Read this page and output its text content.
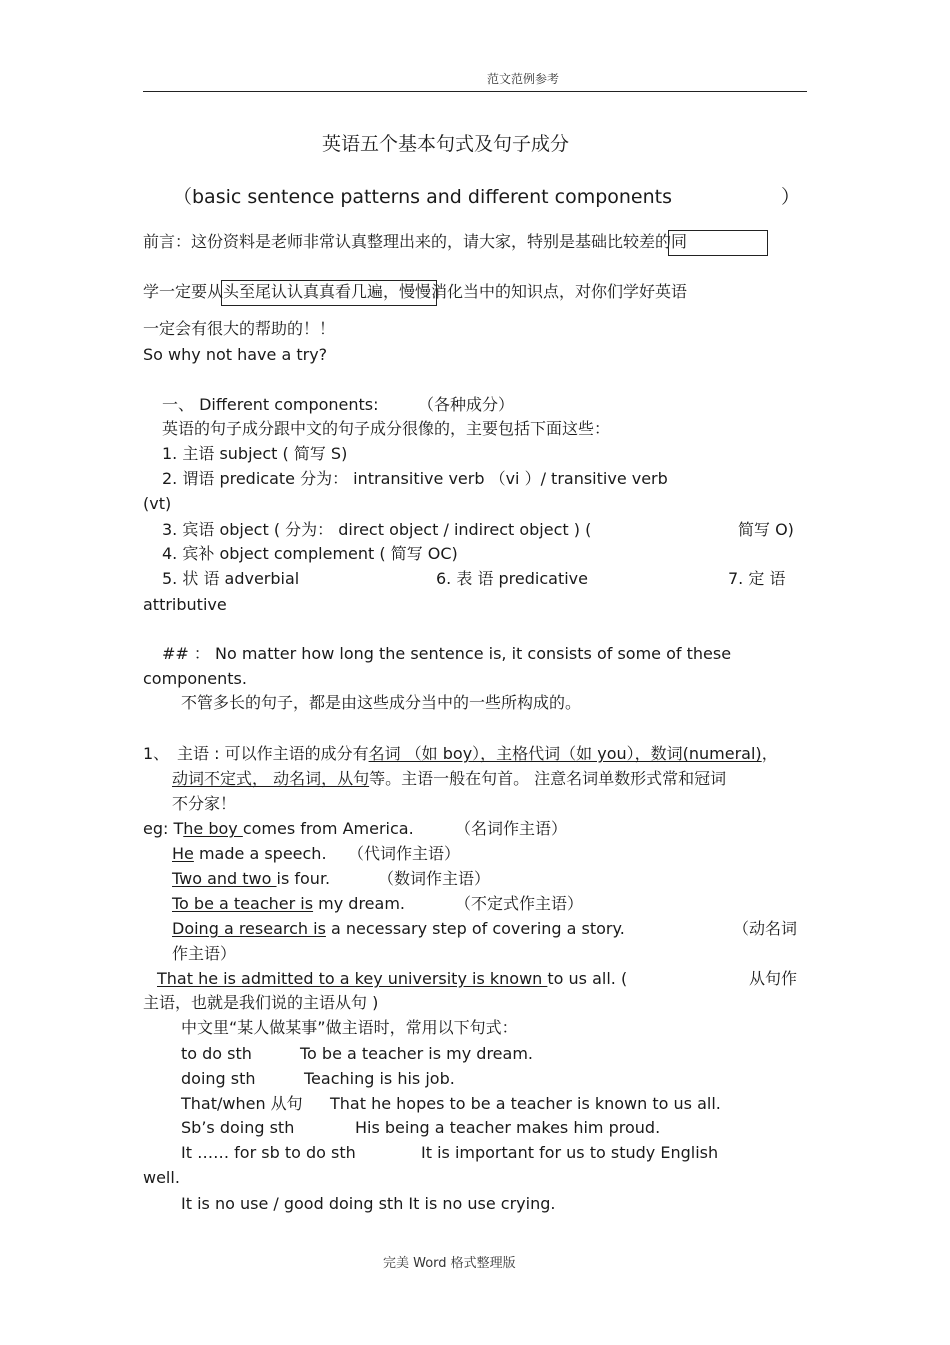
范文范例参考
英语五个基本句式及句子成分
（basic sentence patterns and different components	）
前言：这份资料是老师非常认真整理出来的，请大家，特别是基础比较差的同
学一定要从头至尾认认真真看几遍，慢慢消化当中的知识点，对你们学好英语
一定会有很大的帮助的！！
So why not have a try?
一、 Different components: （各种成分）
英语的句子成分跟中文的句子成分很像的，主要包括下面这些：
1. 主语 subject ( 简写 S)
2. 谓语 predicate 分为： intransitive verb （vi ）/ transitive verb
(vt)
3. 宾语 object ( 分为： direct object / indirect object ) (	简写 O)
4. 宾补 object complement ( 简写 OC)
5. 状 语 adverbial	6. 表 语 predicative	7. 定 语
attributive
## ： No matter how long the sentence is, it consists of some of these
components.
不管多长的句子，都是由这些成分当中的一些所构成的。
1、 主语 : 可以作主语的成分有名词 （如 boy），主格代词（如 you），数词(numeral)，
动词不定式， 动名词，从句等。主语一般在句首。 注意名词单数形式常和冠词
不分家！
eg: The boy comes from America.	（名词作主语）
He made a speech. （代词作主语）
Two and two is four.	（数词作主语）
To be a teacher is my dream.	（不定式作主语）
Doing a research is a necessary step of covering a story.	（动名词
作主语）
That he is admitted to a key university is known to us all. (	从句作
主语，也就是我们说的主语从句 )
中文里“某人做某事”做主语时，常用以下句式：
to do sth	To be a teacher is my dream.
doing sth	Teaching is his job.
That/when 从句 That he hopes to be a teacher is known to us all.
Sb’s doing sth	His being a teacher makes him proud.
It …… for sb to do sth	It is important for us to study English
well.
It is no use / good doing sth It is no use crying.
完美 Word 格式整理版
